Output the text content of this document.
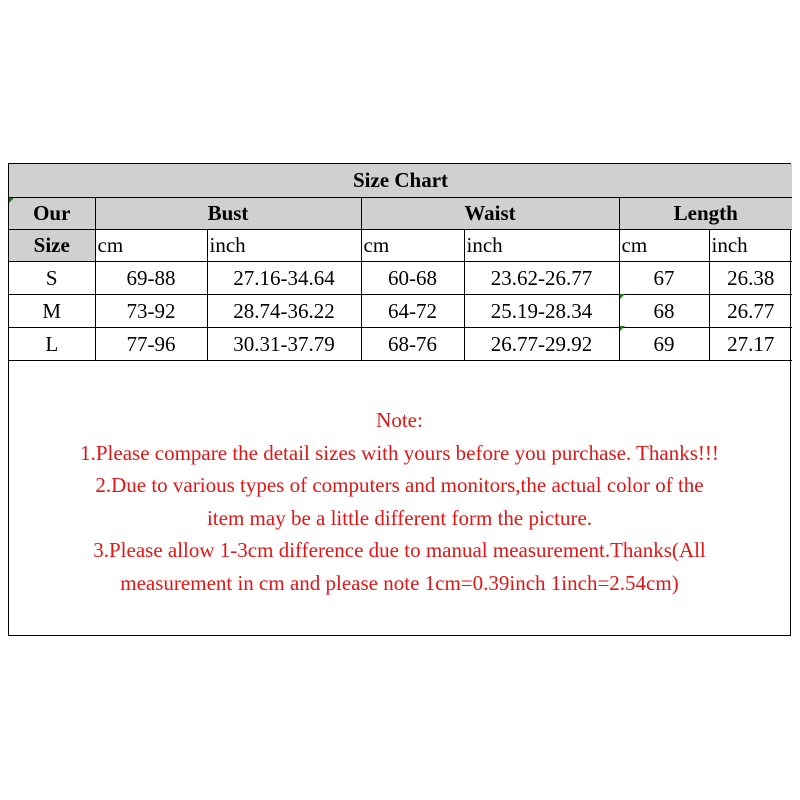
Size Chart						
Our	Bust		Waist		Length	
Size	cm	inch	cm	inch	cm	inch
S	69-88	27.16-34.64	60-68	23.62-26.77	67	26.38
M	73-92	28.74-36.22	64-72	25.19-28.34	68	26.77
L	77-96	30.31-37.79	68-76	26.77-29.92	69	27.17

Note:

1.Please compare the detail sizes with yours before you purchase. Thanks!!!

2.Due to various types of computers and monitors,the actual color of the

item may be a little different form the picture.

3.Please allow 1-3cm difference due to manual measurement.Thanks(All

measurement in cm and please note 1cm=0.39inch 1inch=2.54cm)
